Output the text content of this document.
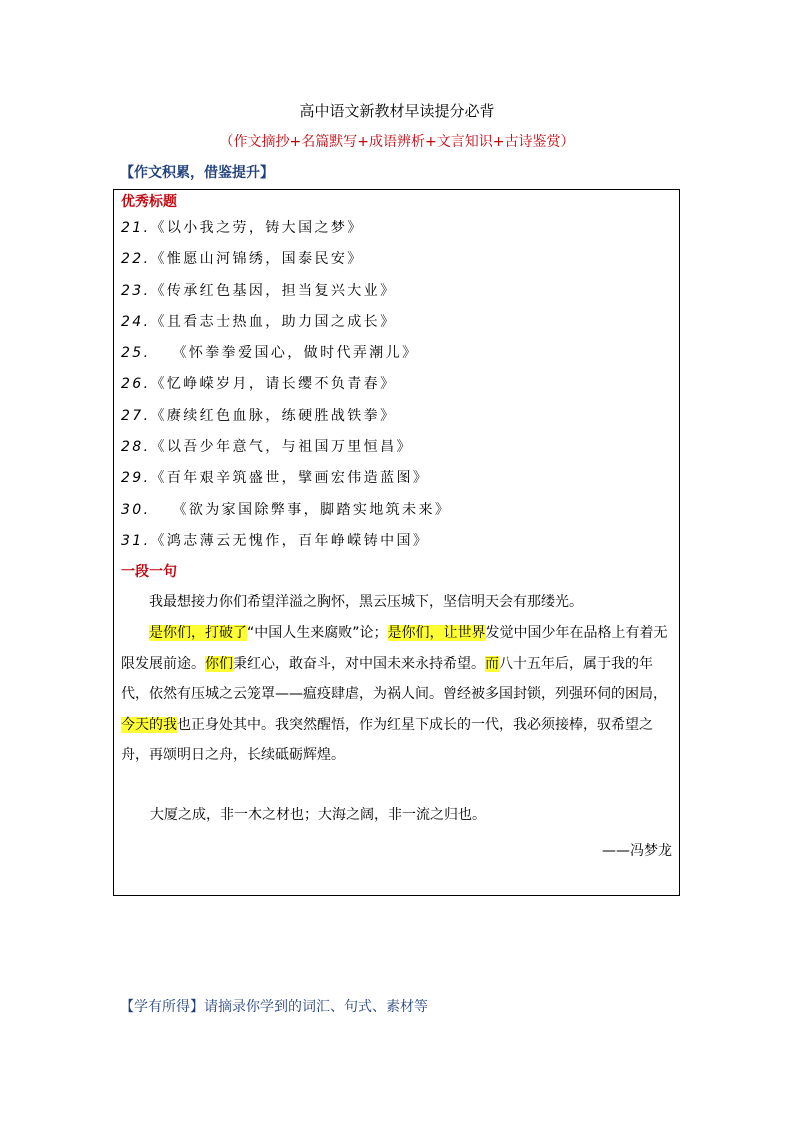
高中语文新教材早读提分必背
（作文摘抄+名篇默写+成语辨析+文言知识+古诗鉴赏）
【作文积累，借鉴提升】
优秀标题
21.《以小我之劳，铸大国之梦》
22.《惟愿山河锦绣，国泰民安》
23.《传承红色基因，担当复兴大业》
24.《且看志士热血，助力国之成长》
25. 《怀拳拳爱国心，做时代弄潮儿》
26.《忆峥嵘岁月，请长缨不负青春》
27.《赓续红色血脉，练硬胜战铁拳》
28.《以吾少年意气，与祖国万里恒昌》
29.《百年艰辛筑盛世，擘画宏伟造蓝图》
30. 《欲为家国除弊事，脚踏实地筑未来》
31.《鸿志薄云无愧作，百年峥嵘铸中国》
一段一句

我最想接力你们希望洋溢之胸怀，黑云压城下，坚信明天会有那缕光。

是你们，打破了“中国人生来腐败”论；是你们，让世界发觉中国少年在品格上有着无限发展前途。你们秉红心，敢奋斗，对中国未来永持希望。而八十五年后，属于我的年代，依然有压城之云笼罩——瘟疫肆虐，为祸人间。曾经被多国封锁，列强环伺的困局，今天的我也正身处其中。我突然醒悟，作为红星下成长的一代，我必须接棒，驭希望之舟，再颂明日之舟，长续砥砺辉煌。

大厦之成，非一木之材也；大海之阔，非一流之归也。
——冯梦龙
【学有所得】请摘录你学到的词汇、句式、素材等
